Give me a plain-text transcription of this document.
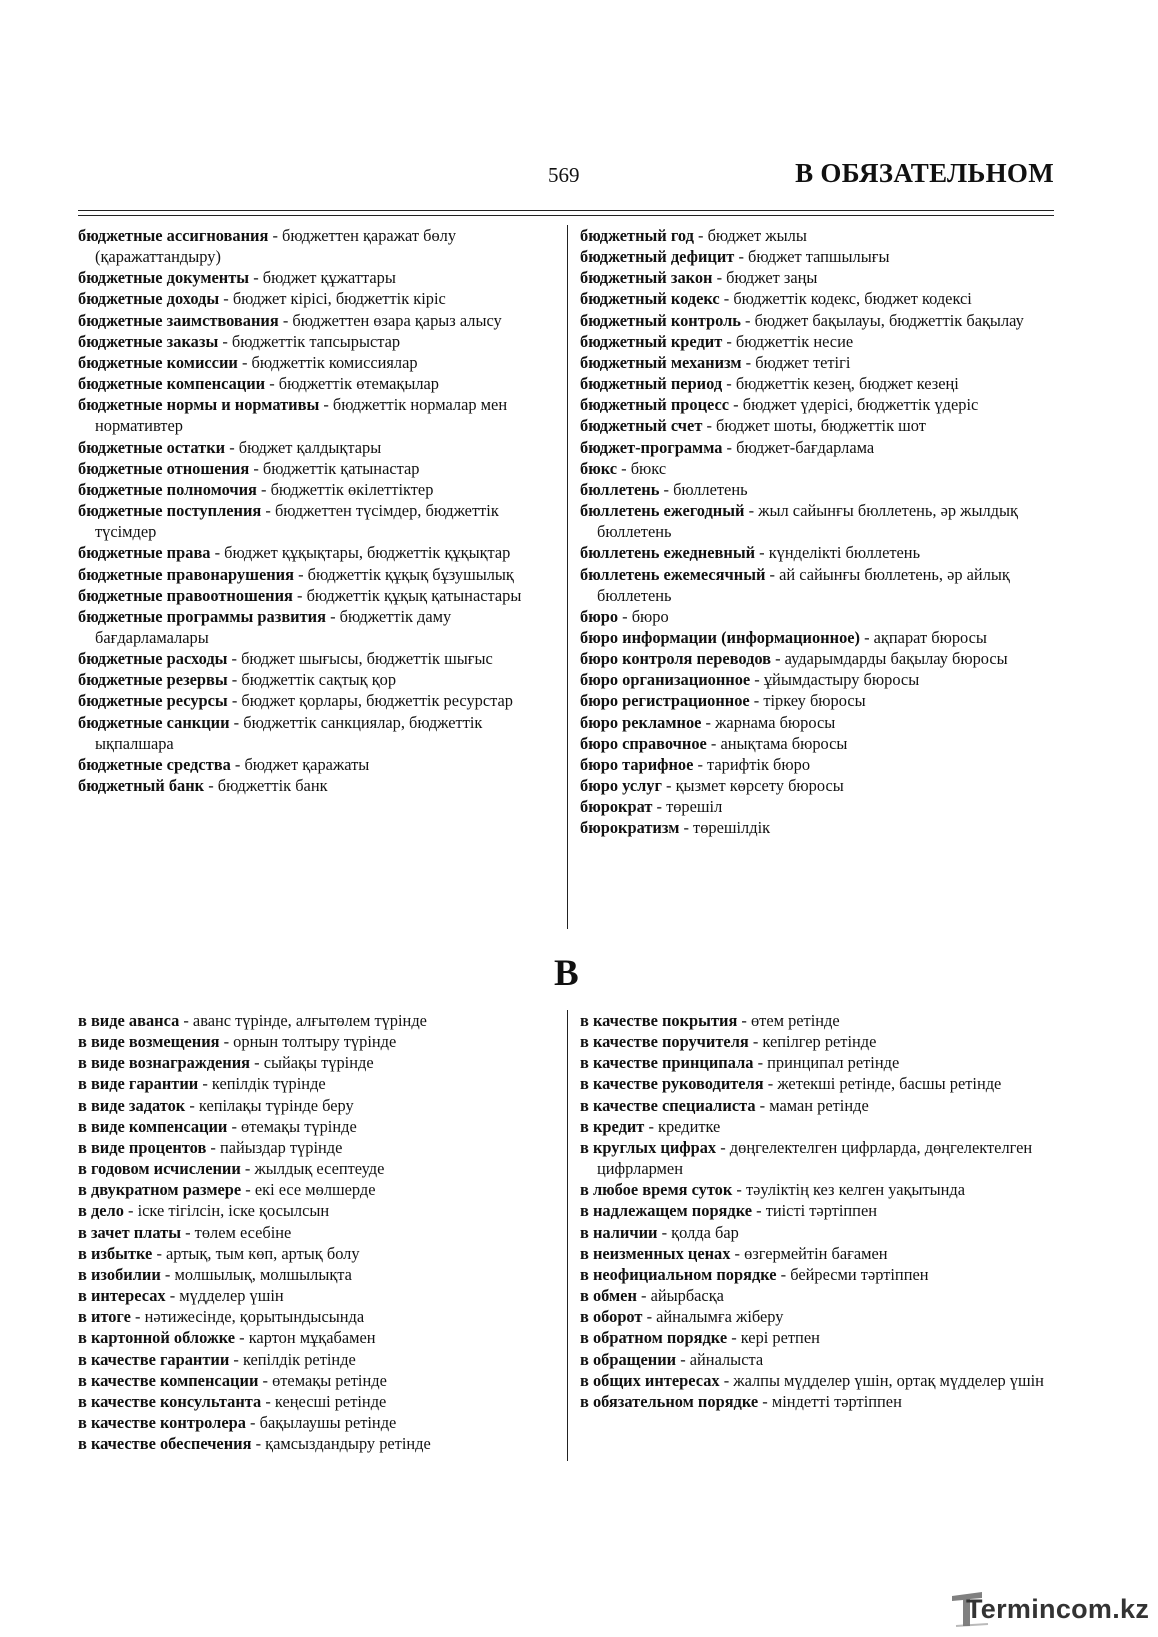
569	В ОБЯЗАТЕЛЬНОМ

бюджетные ассигнования - бюджеттен қаражат бөлу (қаражаттандыру)

бюджетные документы - бюджет құжаттары

бюджетные доходы - бюджет кірісі, бюджеттік кіріс

бюджетные заимствования - бюджеттен өзара қарыз алысу

бюджетные заказы - бюджеттік тапсырыстар

бюджетные комиссии - бюджеттік комиссиялар

бюджетные компенсации - бюджеттік өтемақылар

бюджетные нормы и нормативы - бюджеттік нормалар мен нормативтер

бюджетные остатки - бюджет қалдықтары

бюджетные отношения - бюджеттік қатынастар

бюджетные полномочия - бюджеттік өкілеттіктер

бюджетные поступления - бюджеттен түсімдер, бюджеттік түсімдер

бюджетные права - бюджет құқықтары, бюджеттік құқықтар

бюджетные правонарушения - бюджеттік құқық бұзушылық

бюджетные правоотношения - бюджеттік құқық қатынастары

бюджетные программы развития - бюджеттік даму бағдарламалары

бюджетные расходы - бюджет шығысы, бюджеттік шығыс

бюджетные резервы - бюджеттік сақтық қор

бюджетные ресурсы - бюджет қорлары, бюджеттік ресурстар

бюджетные санкции - бюджеттік санкциялар, бюджеттік ықпалшара

бюджетные средства - бюджет қаражаты

бюджетный банк - бюджеттік банк

бюджетный год - бюджет жылы

бюджетный дефицит - бюджет тапшылығы

бюджетный закон - бюджет заңы

бюджетный кодекс - бюджеттік кодекс, бюджет кодексі

бюджетный контроль - бюджет бақылауы, бюджеттік бақылау

бюджетный кредит - бюджеттік несие

бюджетный механизм - бюджет тетігі

бюджетный период - бюджеттік кезең, бюджет кезеңі

бюджетный процесс - бюджет үдерісі, бюджеттік үдеріс

бюджетный счет - бюджет шоты, бюджеттік шот

бюджет-программа - бюджет-бағдарлама

бюкс - бюкс

бюллетень - бюллетень

бюллетень ежегодный - жыл сайынғы бюллетень, әр жылдық бюллетень

бюллетень ежедневный - күнделікті бюллетень

бюллетень ежемесячный - ай сайынғы бюллетень, әр айлық бюллетень

бюро - бюро

бюро информации (информационное) - ақпарат бюросы

бюро контроля переводов - аударымдарды бақылау бюросы

бюро организационное - ұйымдастыру бюросы

бюро регистрационное - тіркеу бюросы

бюро рекламное - жарнама бюросы

бюро справочное - анықтама бюросы

бюро тарифное - тарифтік бюро

бюро услуг - қызмет көрсету бюросы

бюрократ - төрешіл

бюрократизм - төрешілдік

В

в виде аванса - аванс түрінде, алғытөлем түрінде

в виде возмещения - орнын толтыру түрінде

в виде вознаграждения - сыйақы түрінде

в виде гарантии - кепілдік түрінде

в виде задаток - кепілақы түрінде беру

в виде компенсации - өтемақы түрінде

в виде процентов - пайыздар түрінде

в годовом исчислении - жылдық есептеуде

в двукратном размере - екі есе мөлшерде

в дело - іске тігілсін, іске қосылсын

в зачет платы - төлем есебіне

в избытке - артық, тым көп, артық болу

в изобилии - молшылық, молшылықта

в интересах - мүдделер үшін

в итоге - нәтижесінде, қорытындысында

в картонной обложке - картон мұқабамен

в качестве гарантии - кепілдік ретінде

в качестве компенсации - өтемақы ретінде

в качестве консультанта - кеңесші ретінде

в качестве контролера - бақылаушы ретінде

в качестве обеспечения - қамсыздандыру ретінде

в качестве покрытия - өтем ретінде

в качестве поручителя - кепілгер ретінде

в качестве принципала - принципал ретінде

в качестве руководителя - жетекші ретінде, басшы ретінде

в качестве специалиста - маман ретінде

в кредит - кредитке

в круглых цифрах - дөңгелектелген цифрларда, дөңгелектелген цифрлармен

в любое время суток - тәуліктің кез келген уақытында

в надлежащем порядке - тиісті тәртіппен

в наличии - қолда бар

в неизменных ценах - өзгермейтін бағамен

в неофициальном порядке - бейресми тәртіппен

в обмен - айырбасқа

в оборот - айналымға жіберу

в обратном порядке - кері ретпен

в обращении - айналыста

в общих интересах - жалпы мүдделер үшін, ортақ мүдделер үшін

в обязательном порядке - міндетті тәртіппен

Termincom.kz
